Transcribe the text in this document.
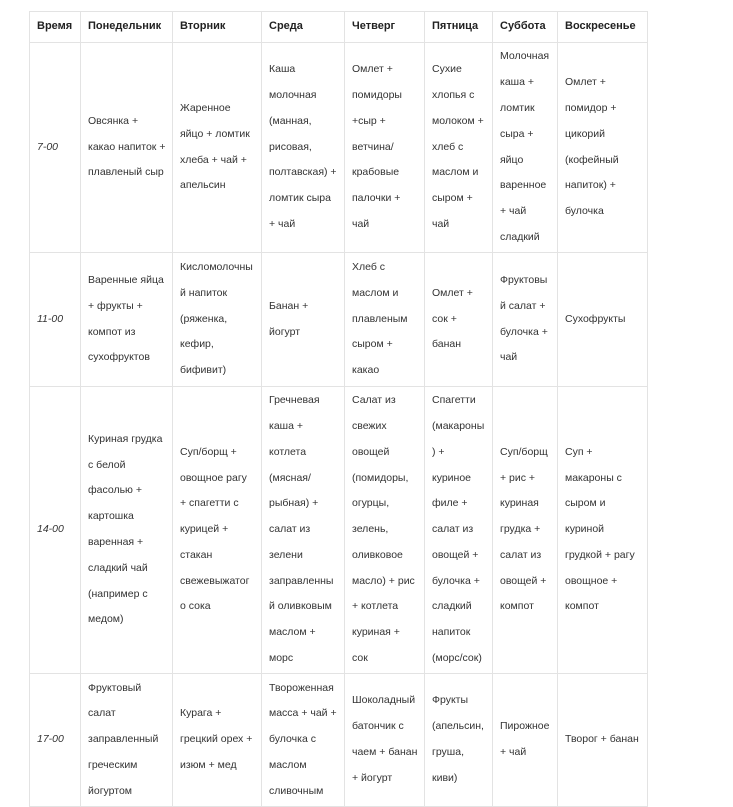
Время	Понедельник	Вторник	Среда	Четверг	Пятница	Суббота	Воскресенье
7-00	Овсянка + какао напиток + плавленый сыр	Жаренное яйцо + ломтик хлеба + чай + апельсин	Каша молочная (манная, рисовая, полтавская) + ломтик сыра + чай	Омлет + помидоры +сыр + ветчина/ крабовые палочки + чай	Сухие хлопья с молоком + хлеб с маслом и сыром + чай	Молочная каша + ломтик сыра + яйцо варенное + чай сладкий	Омлет + помидор + цикорий (кофейный напиток) + булочка
11-00	Варенные яйца + фрукты + компот из сухофруктов	Кисломолочный напиток (ряженка, кефир, бифивит)	Банан + йогурт	Хлеб с маслом и плавленым сыром + какао	Омлет + сок + банан	Фруктовый салат + булочка + чай	Сухофрукты
14-00	Куриная грудка с белой фасолью + картошка варенная + сладкий чай (например с медом)	Суп/борщ + овощное рагу + спагетти с курицей + стакан свежевыжатого сока	Гречневая каша + котлета (мясная/ рыбная) + салат из зелени заправленный оливковым маслом + морс	Салат из свежих овощей (помидоры, огурцы, зелень, оливковое масло) + рис + котлета куриная + сок	Спагетти (макароны) + куриное филе + салат из овощей + булочка + сладкий напиток (морс/сок)	Суп/борщ + рис + куриная грудка + салат из овощей + компот	Суп + макароны с сыром и куриной грудкой + рагу овощное + компот
17-00	Фруктовый салат заправленный греческим йогуртом	Курага + грецкий орех + изюм + мед	Твороженная масса + чай + булочка с маслом сливочным	Шоколадный батончик с чаем + банан + йогурт	Фрукты (апельсин, груша, киви)	Пирожное + чай	Творог + банан
